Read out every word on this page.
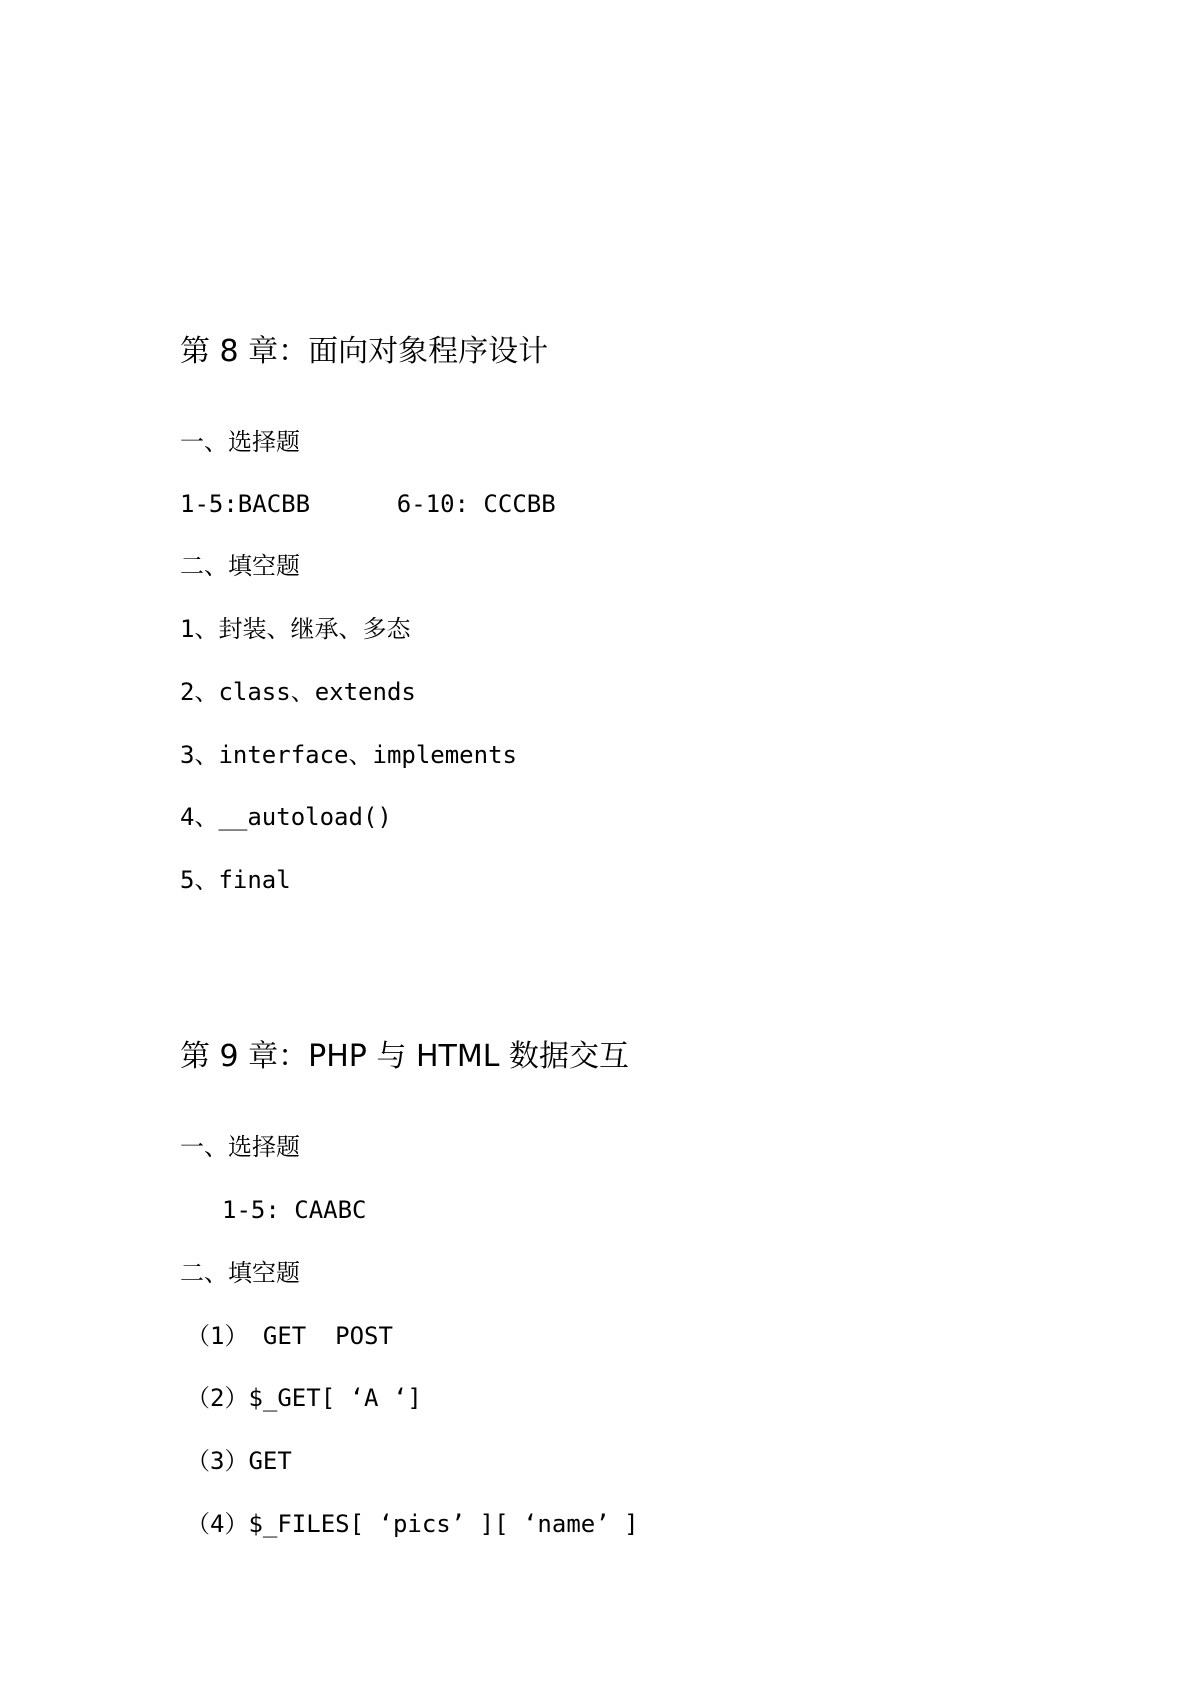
第 8 章：面向对象程序设计
一、选择题
1-5:BACBB      6-10: CCCBB
二、填空题
1、封装、继承、多态
2、class、extends
3、interface、implements
4、__autoload()
5、final
第 9 章：PHP 与 HTML 数据交互
一、选择题
1-5: CAABC
二、填空题
（1） GET  POST
（2）$_GET[ ‘A ‘]
（3）GET
（4）$_FILES[ ‘pics’ ][ ‘name’ ]
